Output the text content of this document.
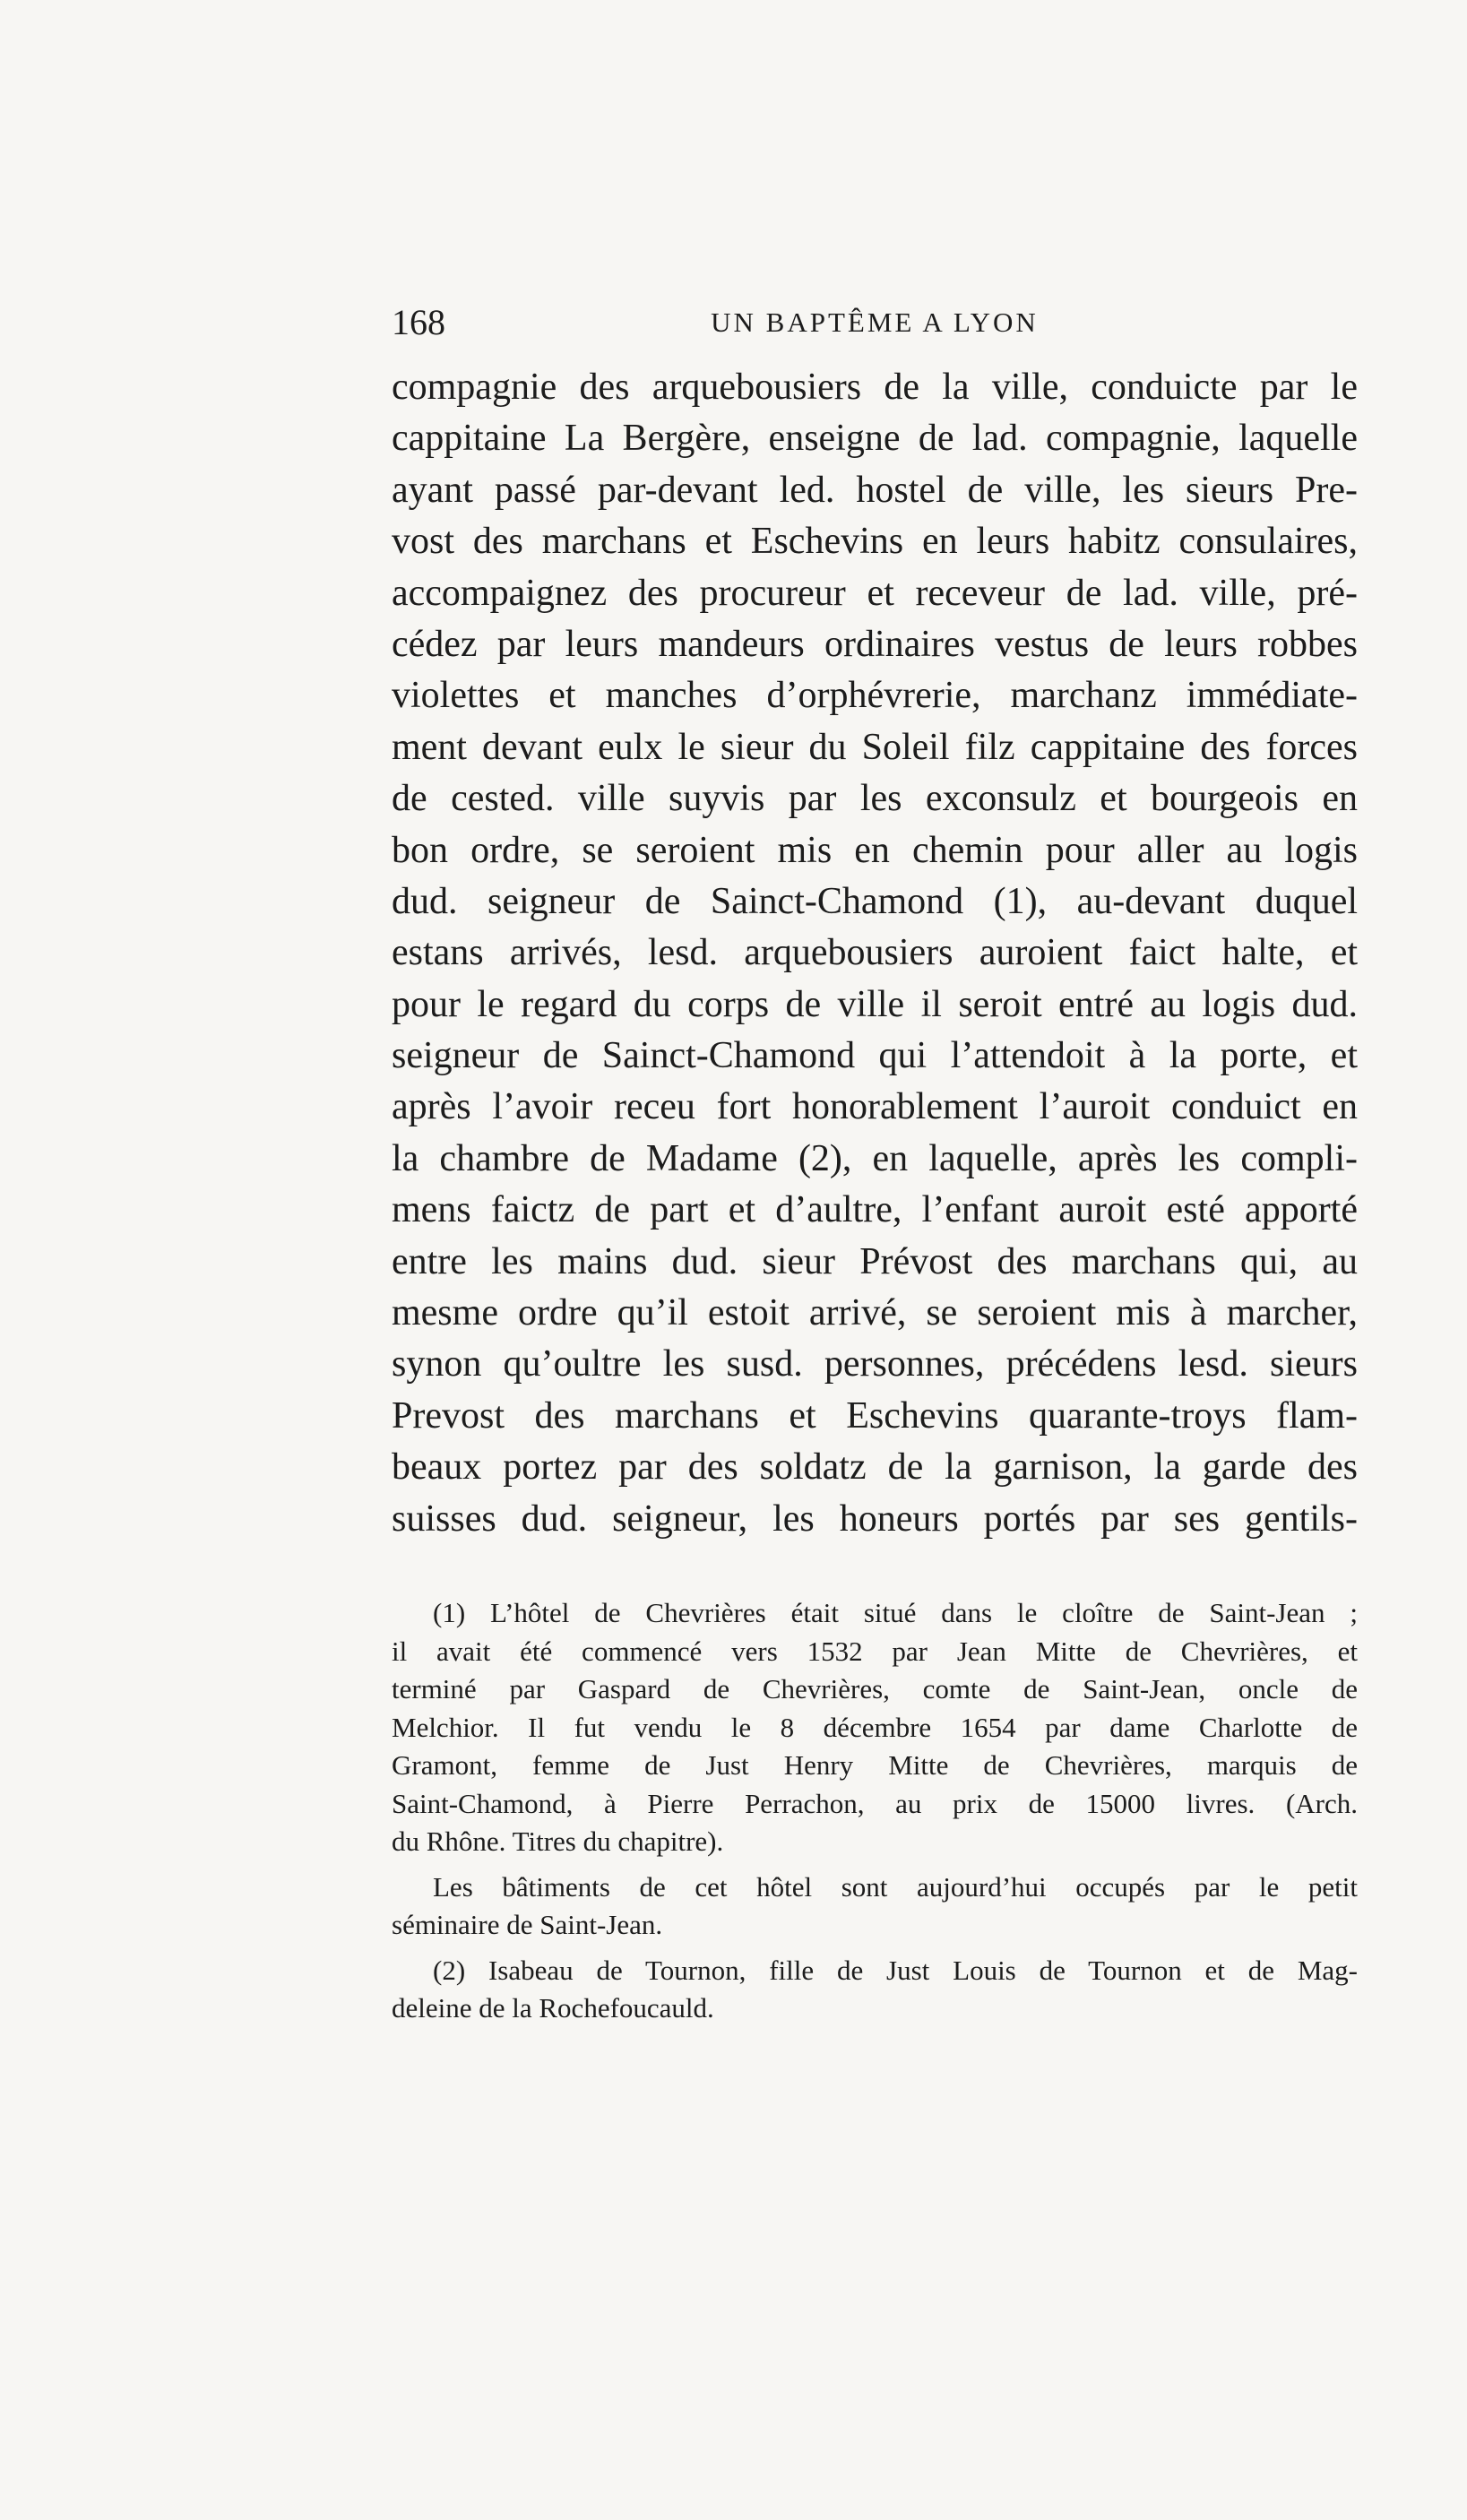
168	UN BAPTÊME A LYON
compagnie des arquebousiers de la ville, conduicte par le
cappitaine La Bergère, enseigne de lad. compagnie, laquelle
ayant passé par-devant led. hostel de ville, les sieurs Pre-
vost des marchans et Eschevins en leurs habitz consulaires,
accompaignez des procureur et receveur de lad. ville, pré-
cédez par leurs mandeurs ordinaires vestus de leurs robbes
violettes et manches d’orphévrerie, marchanz immédiate-
ment devant eulx le sieur du Soleil filz cappitaine des forces
de cested. ville suyvis par les exconsulz et bourgeois en
bon ordre, se seroient mis en chemin pour aller au logis
dud. seigneur de Sainct-Chamond (1), au-devant duquel
estans arrivés, lesd. arquebousiers auroient faict halte, et
pour le regard du corps de ville il seroit entré au logis dud.
seigneur de Sainct-Chamond qui l’attendoit à la porte, et
après l’avoir receu fort honorablement l’auroit conduict en
la chambre de Madame (2), en laquelle, après les compli-
mens faictz de part et d’aultre, l’enfant auroit esté apporté
entre les mains dud. sieur Prévost des marchans qui, au
mesme ordre qu’il estoit arrivé, se seroient mis à marcher,
synon qu’oultre les susd. personnes, précédens lesd. sieurs
Prevost des marchans et Eschevins quarante-troys flam-
beaux portez par des soldatz de la garnison, la garde des
suisses dud. seigneur, les honeurs portés par ses gentils-
(1) L’hôtel de Chevrières était situé dans le cloître de Saint-Jean ;
il avait été commencé vers 1532 par Jean Mitte de Chevrières, et
terminé par Gaspard de Chevrières, comte de Saint-Jean, oncle de
Melchior. Il fut vendu le 8 décembre 1654 par dame Charlotte de
Gramont, femme de Just Henry Mitte de Chevrières, marquis de
Saint-Chamond, à Pierre Perrachon, au prix de 15000 livres. (Arch.
du Rhône. Titres du chapitre).
Les bâtiments de cet hôtel sont aujourd’hui occupés par le petit
séminaire de Saint-Jean.
(2) Isabeau de Tournon, fille de Just Louis de Tournon et de Mag-
deleine de la Rochefoucauld.
